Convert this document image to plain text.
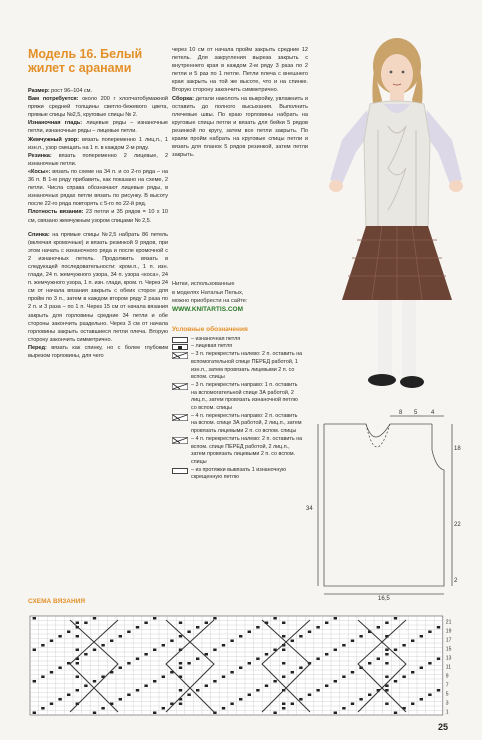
Модель 16. Белый жилет с аранами

Размер: рост 96–104 см.

Вам потребуется: около 200 г хлопчатобумажной пряжи средней толщины светло-бежевого цвета, прямые спицы №2,5, круговые спицы № 2.

Изнаночная гладь: лицевые ряды – изнаночные петли, изнаночные ряды – лицевые петли.

Жемчужный узор: вязать попеременно 1 лиц.п., 1 изн.п., узор смещать на 1 п. в каждом 2-м ряду.

Резинка: вязать попеременно 2 лицевые, 2 изнаночные петли.

«Косы»: вязать по схеме на 34 п. и со 2-го ряда – на 36 п. В 1-м ряду прибавить, как показано на схеме, 2 петли. Числа справа обозначают лицевые ряды, в изнаночных рядах петли вязать по рисунку. В высоту после 22-го ряда повторять с 5-го по 22-й ряд.

Плотность вязания: 23 петли и 35 рядов = 10 х 10 см, связано жемчужным узором спицами № 2,5.

Спинка: на прямые спицы №2,5 набрать 86 петель (включая кромочные) и вязать резинкой 9 рядов, при этом начать с изнаночного ряда и после кромочной с 2 изнаночных петель. Продолжить вязать в следующей последовательности: кром.п., 1 п. изн. глади, 24 п. жемчужного узора, 34 п. узора «коса», 24 п. жемчужного узора, 1 п. изн. глади, кром. п. Через 24 см от начала вязания закрыть с обеих сторон для пройм по 3 п., затем в каждом втором ряду 2 раза по 2 п. и 3 раза – по 1 п. Через 15 см от начала вязания закрыть для горловины средние 34 петли и обе стороны закончить раздельно. Через 3 см от начала горловины закрыть оставшиеся петли плеча. Вторую сторону закончить симметрично.

Перед: вязать как спинку, но с более глубоким вырезом горловины, для чего

через 10 см от начала пройм закрыть средние 12 петель. Для закругления выреза закрыть с внутреннего края в каждом 2-м ряду 3 раза по 2 петли и 5 раз по 1 петле. Петли плеча с внешнего края закрыть на той же высоте, что и на спинке. Вторую сторону закончить симметрично.

Сборка: детали наколоть на выкройку, увлажнить и оставить до полного высыхания. Выполнить плечевые швы. По краю горловины набрать на круговые спицы петли и вязать для бейки 5 рядов резинкой по кругу, затем все петли закрыть. По краям пройм набрать на круговые спицы петли и вязать для планок 5 рядов резинкой, затем петли закрыть.

Нитки, использованные
в моделях Натальи Пелых,
можно приобрести на сайте:
WWW.KNITARTIS.COM
Условные обозначения
– изнаночная петля
– лицевая петля
– 3 п. перекрестить налево: 2 п. оставить на вспомогательной спице ПЕРЕД работой, 1 изн.п., затем провязать лицевыми 2 п. со вспом. спицы
– 3 п. перекрестить направо: 1 п. оставить на вспомогательной спице ЗА работой, 2 лиц.п., затем провязать изнаночной петлю со вспом. спицы
– 4 п. перекрестить направо: 2 п. оставить на вспом. спице ЗА работой, 2 лиц.п., затем провязать лицевыми 2 п. со вспом. спицы
– 4 п. перекрестить налево: 2 п. оставить на вспом. спице ПЕРЕД работой, 2 лиц.п., затем провязать лицевыми 2 п. со вспом. спицы
– из протяжки вывязать 1 изнаночную скрещенную петлю
8 5 4
18
22
2
34
16,5
СХЕМА ВЯЗАНИЯ
21
19
17
15
13
11
9
7
5
3
1
25
